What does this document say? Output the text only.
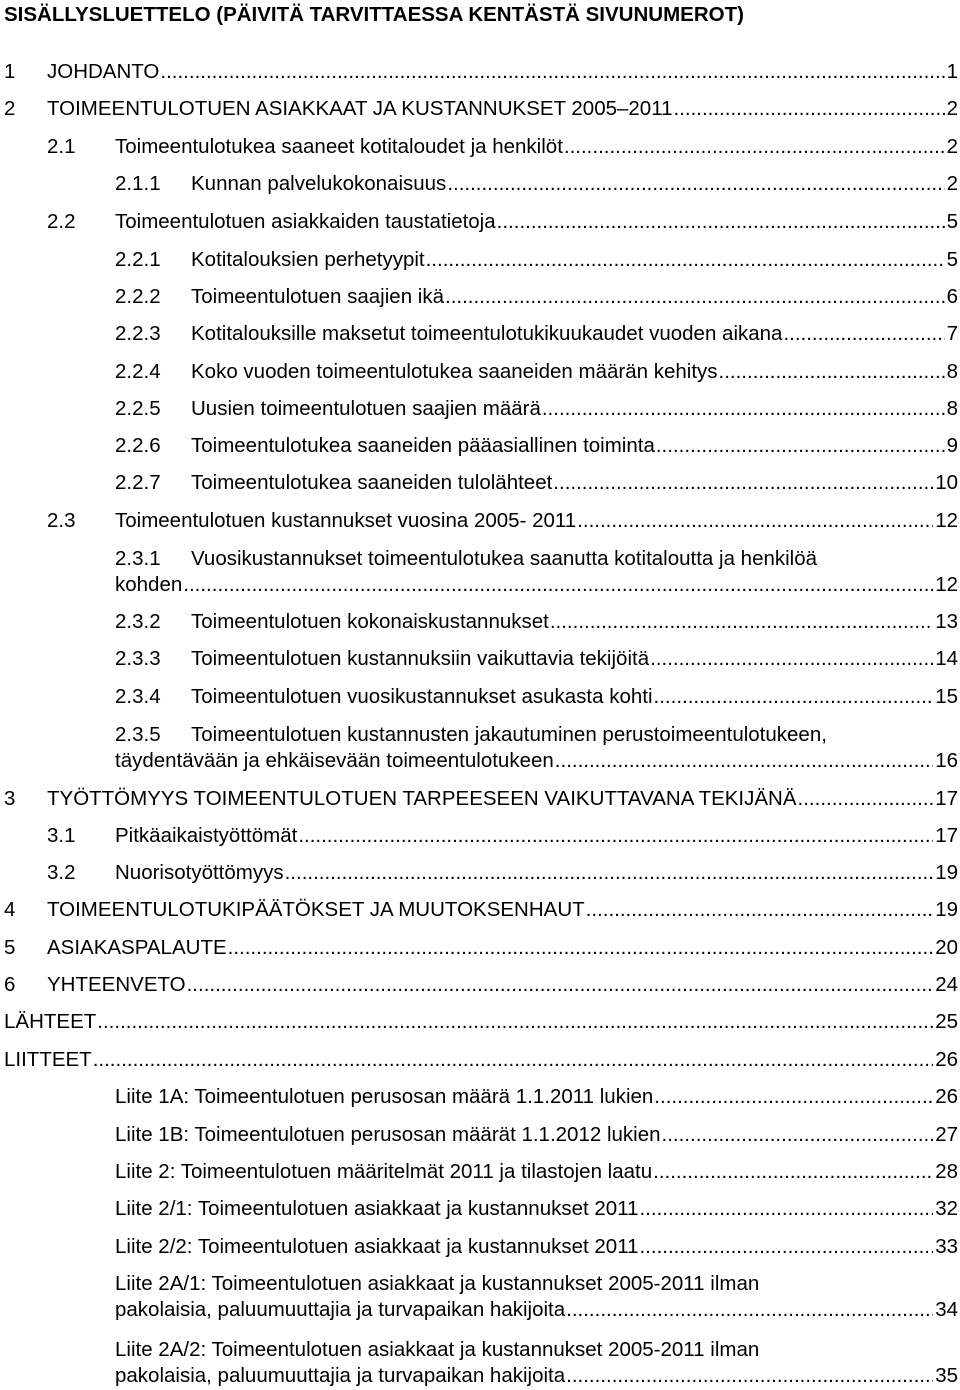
SISÄLLYSLUETTELO (PÄIVITÄ TARVITTAESSA KENTÄSTÄ SIVUNUMEROT)
1 JOHDANTO .....	1
2 TOIMEENTULOTUEN ASIAKKAAT JA KUSTANNUKSET 2005–2011 .....	2
2.1 Toimeentulotukea saaneet kotitaloudet ja henkilöt .....	2
2.1.1 Kunnan palvelukokonaisuus .....	2
2.2 Toimeentulotuen asiakkaiden taustatietoja .....	5
2.2.1 Kotitalouksien perhetyypit .....	5
2.2.2 Toimeentulotuen saajien ikä .....	6
2.2.3 Kotitalouksille maksetut toimeentulotukikuukaudet vuoden aikana .....	7
2.2.4 Koko vuoden toimeentulotukea saaneiden määrän kehitys .....	8
2.2.5 Uusien toimeentulotuen saajien määrä .....	8
2.2.6 Toimeentulotukea saaneiden pääasiallinen toiminta .....	9
2.2.7 Toimeentulotukea saaneiden tulolähteet .....	10
2.3 Toimeentulotuen kustannukset vuosina 2005- 2011 .....	12
2.3.1 Vuosikustannukset toimeentulotukea saanutta kotitaloutta ja henkilöä
kohden .....	12
2.3.2 Toimeentulotuen kokonaiskustannukset .....	13
2.3.3 Toimeentulotuen kustannuksiin vaikuttavia tekijöitä .....	14
2.3.4 Toimeentulotuen vuosikustannukset asukasta kohti .....	15
2.3.5 Toimeentulotuen kustannusten jakautuminen perustoimeentulotukeen,
täydentävään ja ehkäisevään toimeentulotukeen .....	16
3 TYÖTTÖMYYS TOIMEENTULOTUEN TARPEESEEN VAIKUTTAVANA TEKIJÄNÄ .....	17
3.1 Pitkäaikaistyöttömät .....	17
3.2 Nuorisotyöttömyys .....	19
4 TOIMEENTULOTUKIPÄÄTÖKSET JA MUUTOKSENHAUT .....	19
5 ASIAKASPALAUTE .....	20
6 YHTEENVETO .....	24
LÄHTEET .....	25
LIITTEET .....	26
Liite 1A: Toimeentulotuen perusosan määrä 1.1.2011 lukien .....	26
Liite 1B: Toimeentulotuen perusosan määrät 1.1.2012 lukien .....	27
Liite 2: Toimeentulotuen määritelmät 2011 ja tilastojen laatu .....	28
Liite 2/1: Toimeentulotuen asiakkaat ja kustannukset 2011 .....	32
Liite 2/2: Toimeentulotuen asiakkaat ja kustannukset 2011 .....	33
Liite 2A/1: Toimeentulotuen asiakkaat ja kustannukset 2005-2011 ilman
pakolaisia, paluumuuttajia ja turvapaikan hakijoita .....	34
Liite 2A/2: Toimeentulotuen asiakkaat ja kustannukset 2005-2011 ilman
pakolaisia, paluumuuttajia ja turvapaikan hakijoita .....	35
